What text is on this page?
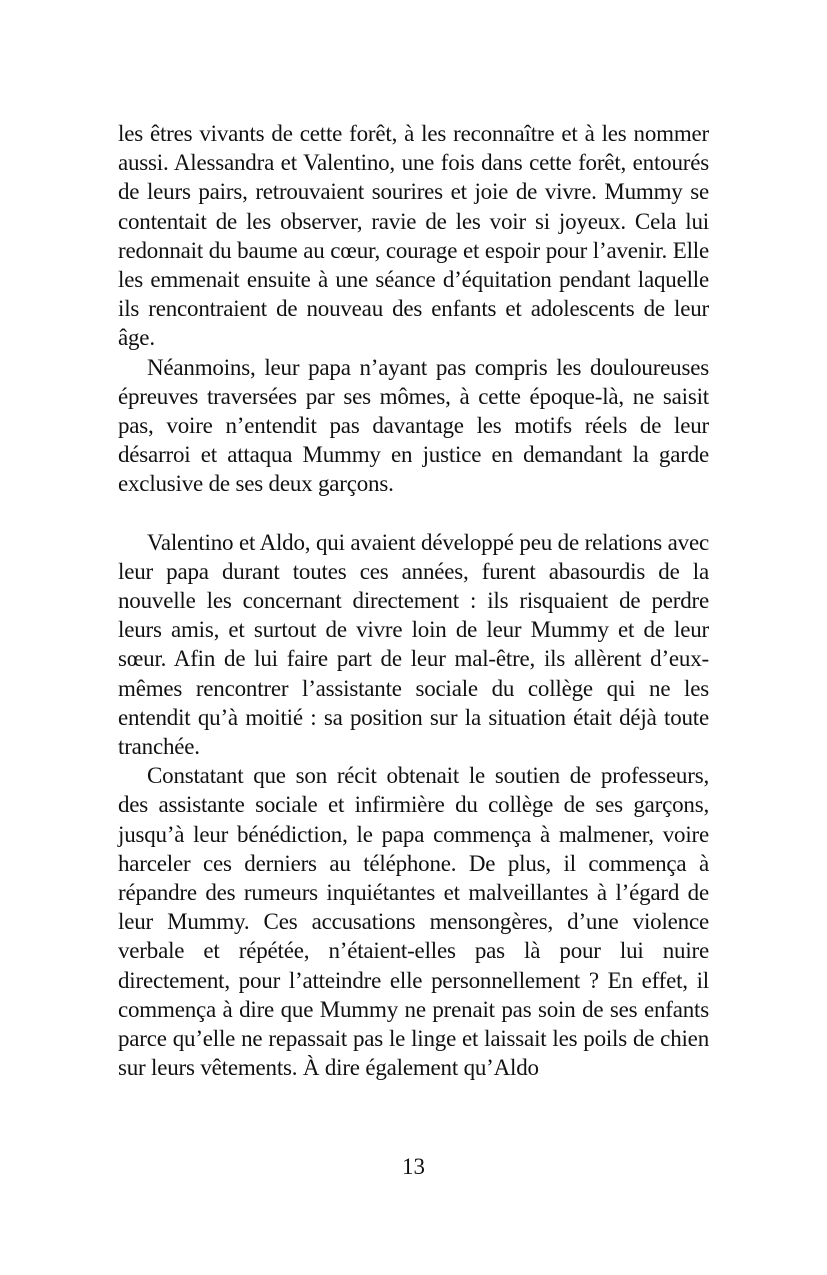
les êtres vivants de cette forêt, à les reconnaître et à les nommer aussi. Alessandra et Valentino, une fois dans cette forêt, entourés de leurs pairs, retrouvaient sourires et joie de vivre. Mummy se contentait de les observer, ravie de les voir si joyeux. Cela lui redonnait du baume au cœur, courage et espoir pour l’avenir. Elle les emmenait ensuite à une séance d’équitation pendant laquelle ils rencontraient de nouveau des enfants et adolescents de leur âge.

Néanmoins, leur papa n’ayant pas compris les douloureuses épreuves traversées par ses mômes, à cette époque-là, ne saisit pas, voire n’entendit pas davantage les motifs réels de leur désarroi et attaqua Mummy en justice en demandant la garde exclusive de ses deux garçons.

Valentino et Aldo, qui avaient développé peu de relations avec leur papa durant toutes ces années, furent abasourdis de la nouvelle les concernant directement : ils risquaient de perdre leurs amis, et surtout de vivre loin de leur Mummy et de leur sœur. Afin de lui faire part de leur mal-être, ils allèrent d’eux-mêmes rencontrer l’assistante sociale du collège qui ne les entendit qu’à moitié : sa position sur la situation était déjà toute tranchée.

Constatant que son récit obtenait le soutien de professeurs, des assistante sociale et infirmière du collège de ses garçons, jusqu’à leur bénédiction, le papa commença à malmener, voire harceler ces derniers au téléphone. De plus, il commença à répandre des rumeurs inquiétantes et malveillantes à l’égard de leur Mummy. Ces accusations mensongères, d’une violence verbale et répétée, n’étaient-elles pas là pour lui nuire directement, pour l’atteindre elle personnellement ? En effet, il commença à dire que Mummy ne prenait pas soin de ses enfants parce qu’elle ne repassait pas le linge et laissait les poils de chien sur leurs vêtements. À dire également qu’Aldo

13
